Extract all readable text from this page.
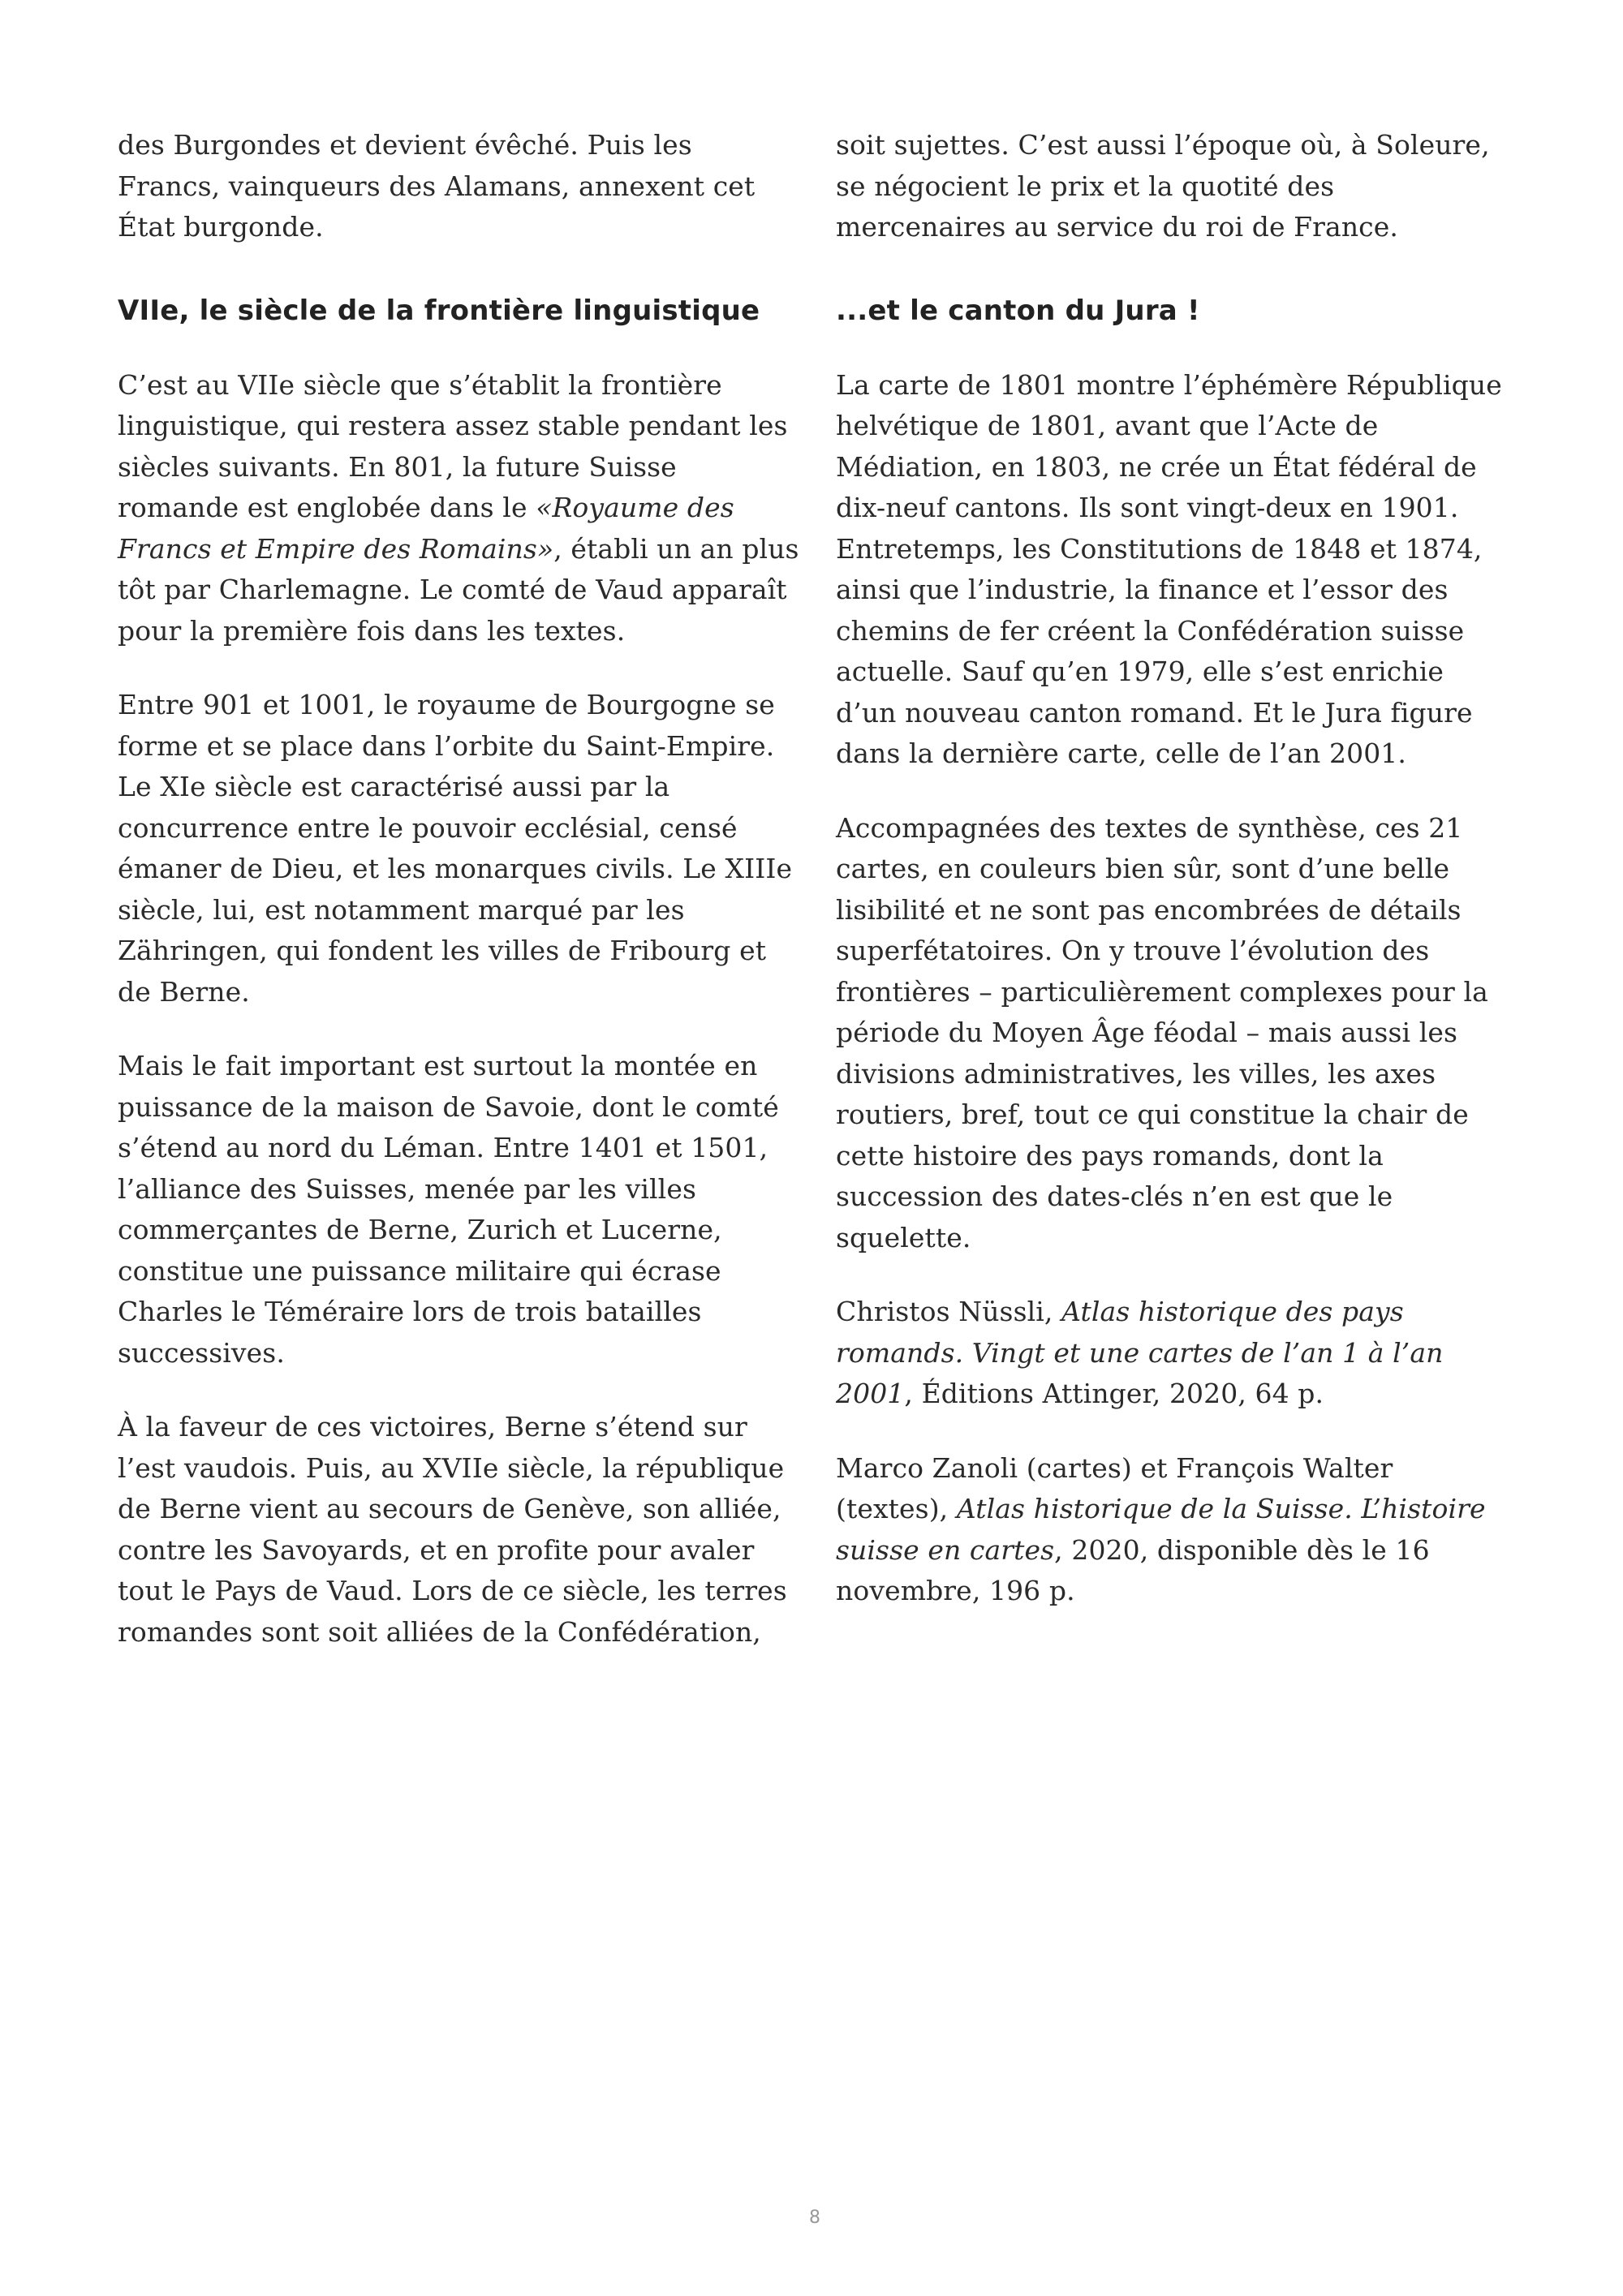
des Burgondes et devient évêché. Puis les Francs, vainqueurs des Alamans, annexent cet État burgonde.

VIIe, le siècle de la frontière linguistique

C’est au VIIe siècle que s’établit la frontière linguistique, qui restera assez stable pendant les siècles suivants. En 801, la future Suisse romande est englobée dans le «Royaume des Francs et Empire des Romains», établi un an plus tôt par Charlemagne. Le comté de Vaud apparaît pour la première fois dans les textes.

Entre 901 et 1001, le royaume de Bourgogne se forme et se place dans l’orbite du Saint-Empire. Le XIe siècle est caractérisé aussi par la concurrence entre le pouvoir ecclésial, censé émaner de Dieu, et les monarques civils. Le XIIIe siècle, lui, est notamment marqué par les Zähringen, qui fondent les villes de Fribourg et de Berne.

Mais le fait important est surtout la montée en puissance de la maison de Savoie, dont le comté s’étend au nord du Léman. Entre 1401 et 1501, l’alliance des Suisses, menée par les villes commerçantes de Berne, Zurich et Lucerne, constitue une puissance militaire qui écrase Charles le Téméraire lors de trois batailles successives.

À la faveur de ces victoires, Berne s’étend sur l’est vaudois. Puis, au XVIIe siècle, la république de Berne vient au secours de Genève, son alliée, contre les Savoyards, et en profite pour avaler tout le Pays de Vaud. Lors de ce siècle, les terres romandes sont soit alliées de la Confédération,

soit sujettes. C’est aussi l’époque où, à Soleure, se négocient le prix et la quotité des mercenaires au service du roi de France.

...et le canton du Jura !

La carte de 1801 montre l’éphémère République helvétique de 1801, avant que l’Acte de Médiation, en 1803, ne crée un État fédéral de dix-neuf cantons. Ils sont vingt-deux en 1901. Entretemps, les Constitutions de 1848 et 1874, ainsi que l’industrie, la finance et l’essor des chemins de fer créent la Confédération suisse actuelle. Sauf qu’en 1979, elle s’est enrichie d’un nouveau canton romand. Et le Jura figure dans la dernière carte, celle de l’an 2001.

Accompagnées des textes de synthèse, ces 21 cartes, en couleurs bien sûr, sont d’une belle lisibilité et ne sont pas encombrées de détails superfétatoires. On y trouve l’évolution des frontières – particulièrement complexes pour la période du Moyen Âge féodal – mais aussi les divisions administratives, les villes, les axes routiers, bref, tout ce qui constitue la chair de cette histoire des pays romands, dont la succession des dates-clés n’en est que le squelette.

Christos Nüssli, Atlas historique des pays romands. Vingt et une cartes de l’an 1 à l’an 2001, Éditions Attinger, 2020, 64 p.

Marco Zanoli (cartes) et François Walter (textes), Atlas historique de la Suisse. L’histoire suisse en cartes, 2020, disponible dès le 16 novembre, 196 p.

8
